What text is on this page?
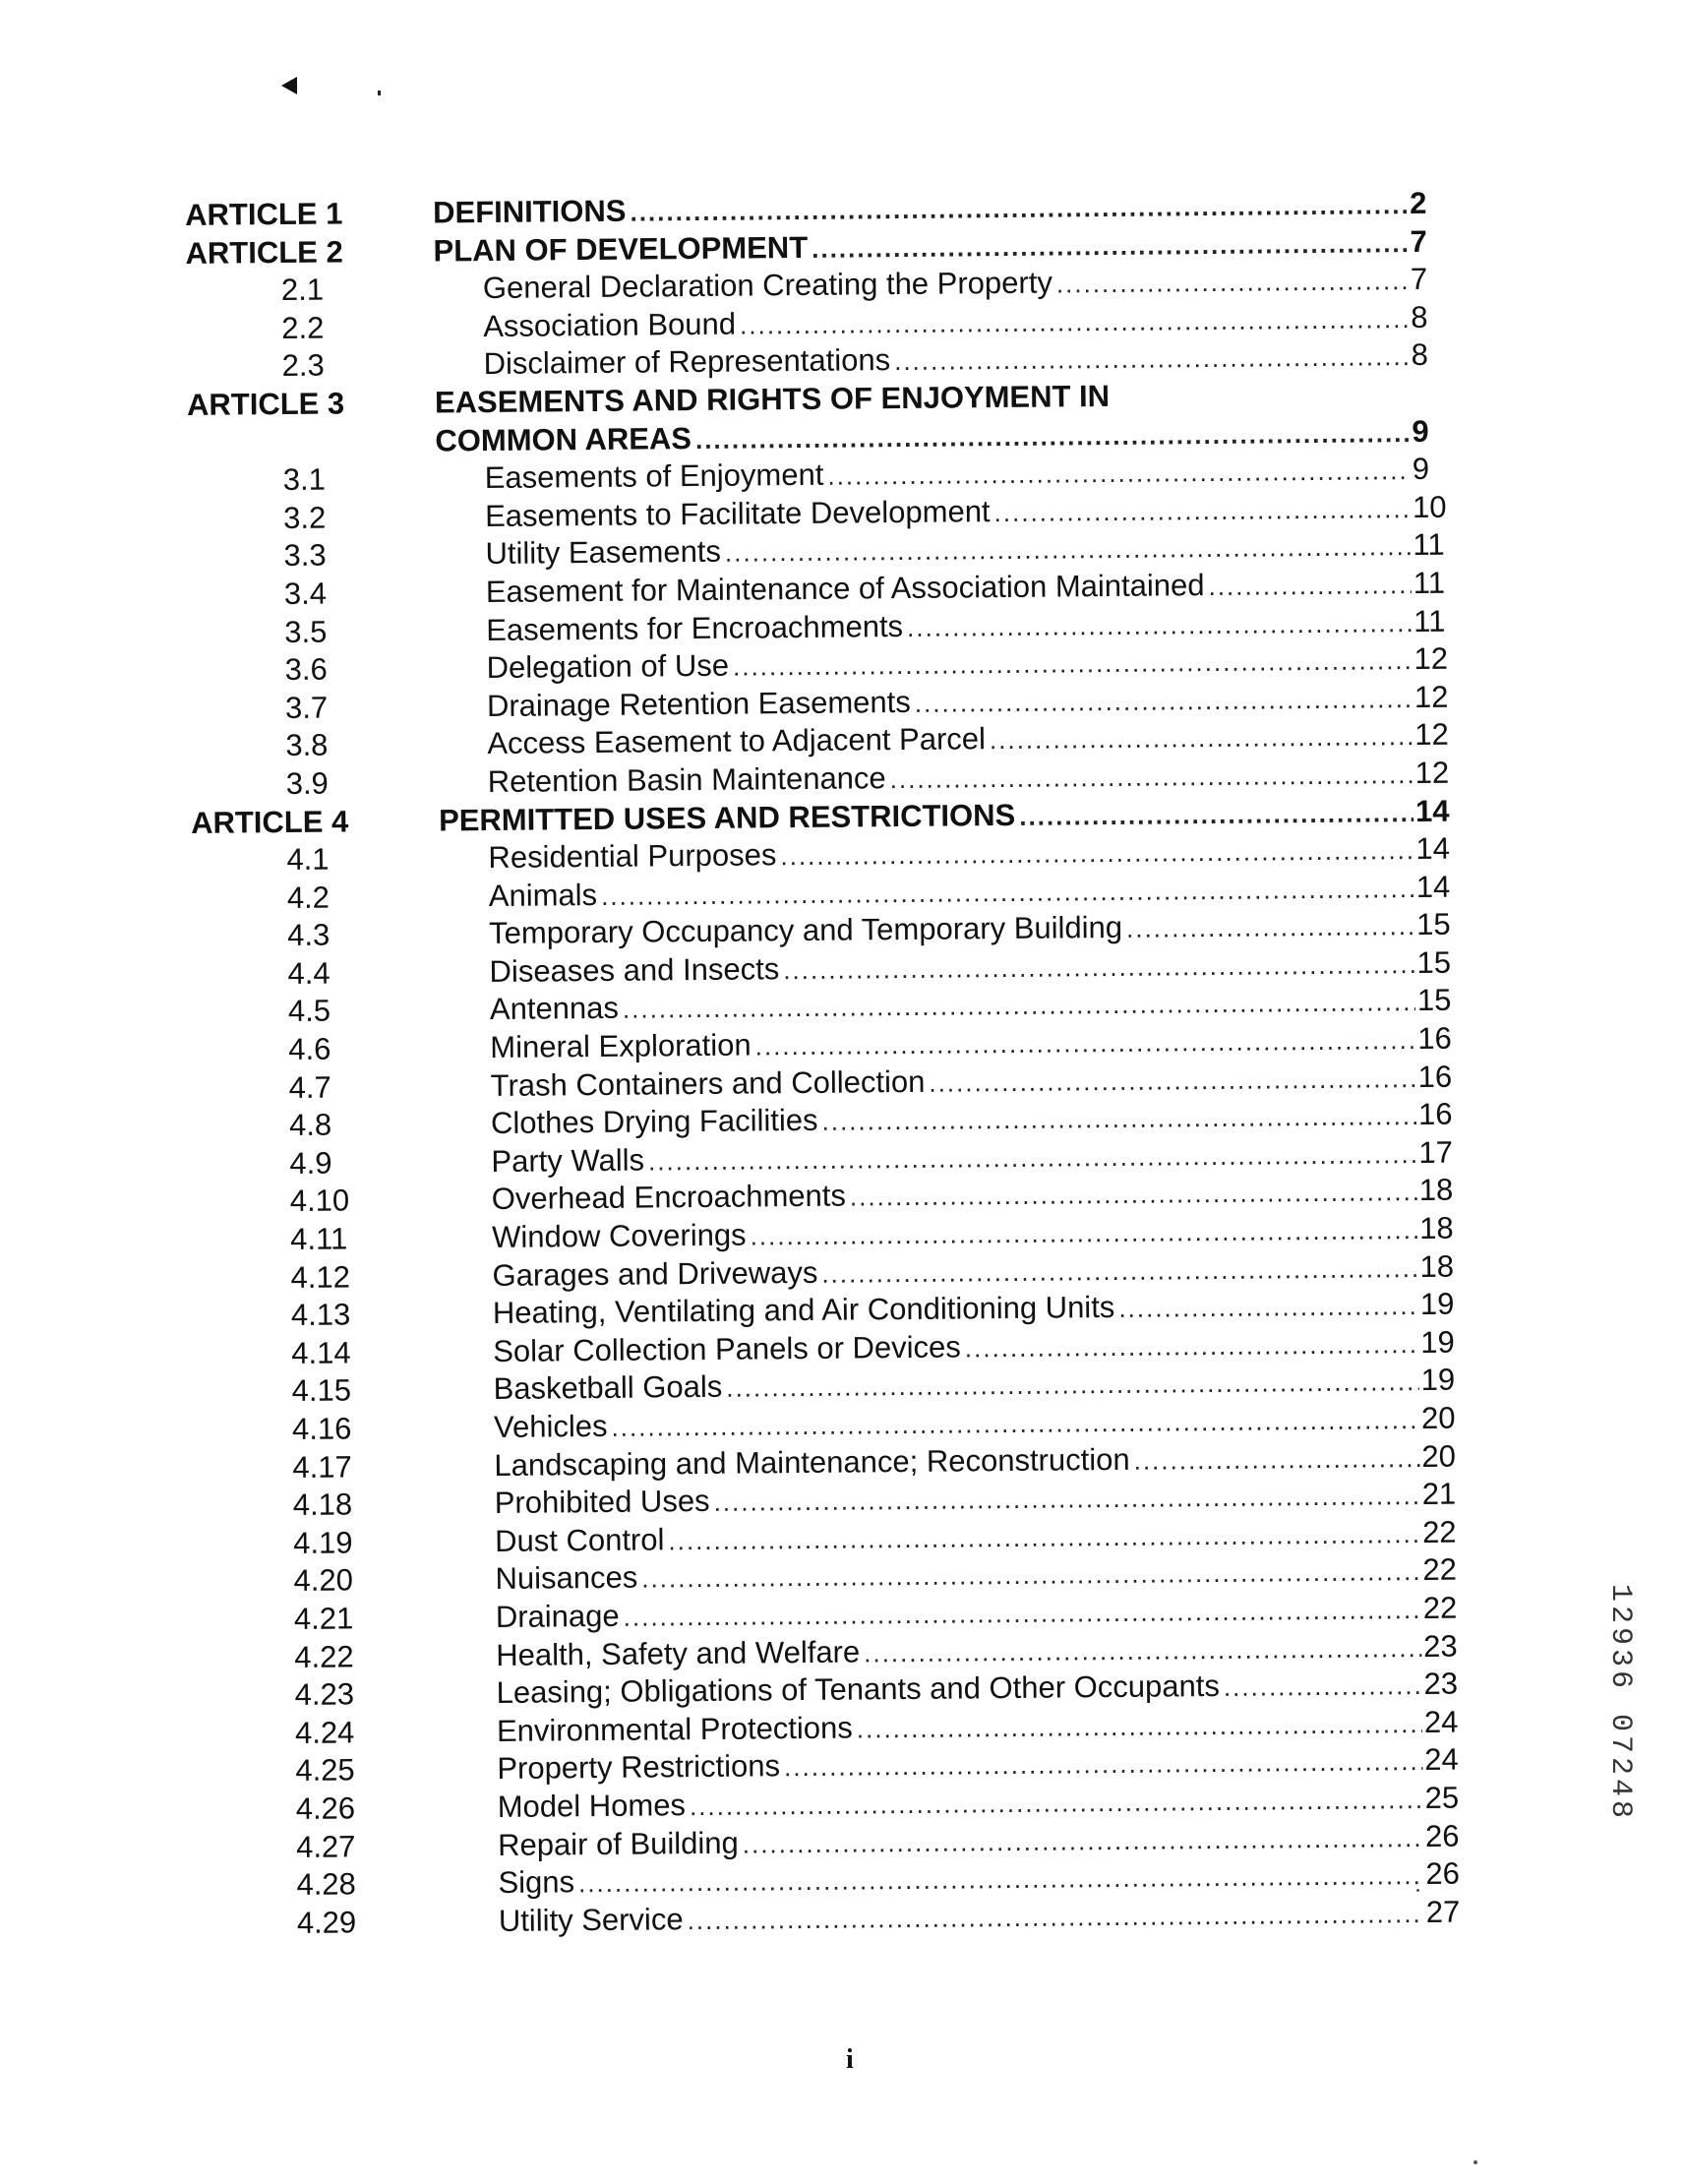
ARTICLE 1	DEFINITIONS .....	2
ARTICLE 2	PLAN OF DEVELOPMENT .....	7
2.1	General Declaration Creating the Property .....	7
2.2	Association Bound .....	8
2.3	Disclaimer of Representations .....	8
ARTICLE 3	EASEMENTS AND RIGHTS OF ENJOYMENT IN
COMMON AREAS .....	9
3.1	Easements of Enjoyment .....	9
3.2	Easements to Facilitate Development .....	10
3.3	Utility Easements .....	11
3.4	Easement for Maintenance of Association Maintained .....	11
3.5	Easements for Encroachments .....	11
3.6	Delegation of Use .....	12
3.7	Drainage Retention Easements .....	12
3.8	Access Easement to Adjacent Parcel .....	12
3.9	Retention Basin Maintenance .....	12
ARTICLE 4	PERMITTED USES AND RESTRICTIONS .....	14
4.1	Residential Purposes .....	14
4.2	Animals .....	14
4.3	Temporary Occupancy and Temporary Building .....	15
4.4	Diseases and Insects .....	15
4.5	Antennas .....	15
4.6	Mineral Exploration .....	16
4.7	Trash Containers and Collection .....	16
4.8	Clothes Drying Facilities .....	16
4.9	Party Walls .....	17
4.10	Overhead Encroachments .....	18
4.11	Window Coverings .....	18
4.12	Garages and Driveways .....	18
4.13	Heating, Ventilating and Air Conditioning Units .....	19
4.14	Solar Collection Panels or Devices .....	19
4.15	Basketball Goals .....	19
4.16	Vehicles .....	20
4.17	Landscaping and Maintenance; Reconstruction .....	20
4.18	Prohibited Uses .....	21
4.19	Dust Control .....	22
4.20	Nuisances .....	22
4.21	Drainage .....	22
4.22	Health, Safety and Welfare .....	23
4.23	Leasing; Obligations of Tenants and Other Occupants .....	23
4.24	Environmental Protections .....	24
4.25	Property Restrictions .....	24
4.26	Model Homes .....	25
4.27	Repair of Building .....	26
4.28	Signs .....	26
4.29	Utility Service .....	27
i
12936 07248
